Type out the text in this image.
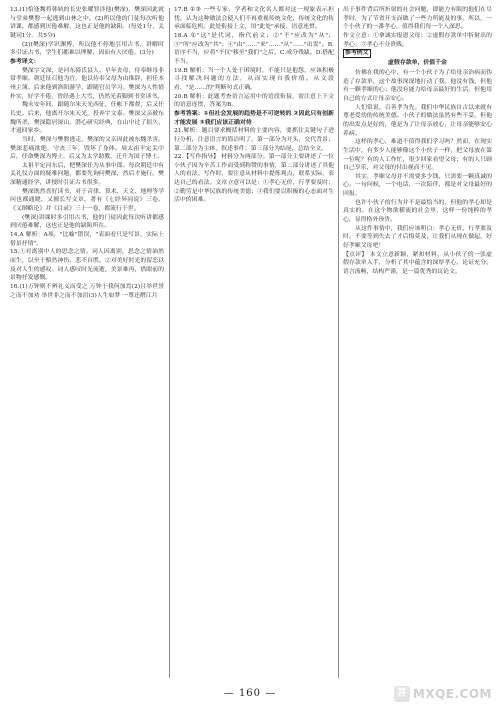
13.(1)恰逢魏将韩轨的长史张曜罪涉他(樊深)，樊深因此就与堂弟樊磐一起逃到山林之中。(2)所以他的门徒每次听他讲课，都感到厌倦难解，这也正是他的缺陷。(每处1分，关键词1分。共5分)

(2)(樊深)学识渊博，所以他不停地引用古书，讲解时多引证古书，学生们都难以理解，因而有人厌倦。(3分)

参考译文：

樊深字文深，是河东猗氏县人。早年丧母，侍奉继母非常孝顺。朝廷征召他为官，他以侍奉父母为由推辞，担任本州主簿。后来他到洛阳游学，跟随官员学习。樊深为人性情朴实，好学不倦，曾经遇上大雪，仍然光着脚到书堂读书。

魏永安年间，跟随尔朱天光西征，任帐下都督，后又任长史。后来，他离开尔朱天光，投奔宇文泰。樊深父亲被东魏所杀，樊深隐居深山，潜心研究经典，在山中过了很久，才返回家乡。

当时，樊深与樊磐逃走，樊深的父亲因此被东魏杀害。樊深悲痛欲绝，守丧三年，毁坏了身体。周太祖平定关中后，任命樊深为博士，后又为太学助教，迁升为国子博士。

太祖平定河东后，把樊深任为从事中郎。每次朝廷中有关礼仪方面的疑难问题，都要先询问樊深，然后才施行。樊深精通经学，讲授时引证古书很多。

樊深既然喜好读书，对于音律、算术、天文、地理等学问也都通晓，又擅长写文章，著有《七经异同说》三卷、《义纲略论》并《目录》三十一卷，都流行于世。

(樊深)讲课时多引用古书，他的门徒因此每次听讲都感到厌倦难解，这也正是他的缺陷所在。

14.A 解析：A项，"比喻"错误，"表面看只是写景，实际上借景抒情"。

15.①对离别中人的思念之情。词人因离别，思念之情油然而生，以至于黯然神伤、悲不自胜。②对美好时光的留恋以及对人生的感叹。词人感叹时光流逝，美景难再，借眼前的景物抒发感慨。

16.(1)万钟则不辨礼义而受之 万钟于我何加焉(2)且举世誉之而不加劝 举世非之而不加沮(3)人生如梦 一尊还酹江月

17.B ①③ 一些专家、学者和文化名人都对这一现象表示担忧，认为这种做法会使人们不再重视传统文化，传统文化的传承面临危机。此处衔接上文，用"此处"承接，语意连贯。

18.A ①"这"是代词，指代前文；②"不"应改为"从"；③"所"应改为"其"；④"由"……"来"……"从"……"出发"。B.语序不当，应将"不仅"移至"我们"之后。C.成分残缺。D.搭配不当。

19.B 解析：当一个人处于困境时，不能只是抱怨，应该积极寻找解决问题的方法，从而实现自我价值。从文段看，"是……的"判断句式正确。

20.B 解析：此题考查语言运用中的语段衔接，需注意上下文的语意连贯，答案为B。

参考答案：①但社会发展的趋势是不可逆转的 ②因此只有创新才能发展 ③我们应该正确对待

21.解析：题目要求概括材料的主要内容，要抓住关键句子进行分析，注意语言的简洁明了。第一部分为开头，交代背景；第二部分为主体，叙述事件；第三部分为结尾，总结全文。

22.【写作指导】 材料分为两部分。第一部分主要讲述了一位小伙子因为辛苦工作而受到称赞的事情，第二部分讲述了其他人的看法。写作时，要注意从材料中提炼观点，联系实际，表达自己的看法。文章立意可以是：①孝心无价，行孝要及时；②勤劳是中华民族的传统美德；③我们要以积极的心态面对生活中的困难。

出于事件背后所折射的社会问题，即能力有限的他们在尽孝时，为了节省开支而做了一些力所能及的事。所以，一个小伙子的一番孝心，值得我们每一个人深思。

作文立意：①拿诚实报恩父母；②虚假存款单中折射出的孝心；③孝心不分贵贱。

参考例文

虚假存款单，价值千金

仿佛在我的心中，有一个小伙子为了给母亲治病而伪造了存款单，这个故事深深地打动了我。他没有钱，但他有一颗孝顺的心；他没有能力给母亲最好的生活，但他用自己的方式让母亲安心。

人们常说，百善孝为先。我们中华民族自古以来就有尊老爱幼的传统美德。小伙子的做法虽然有些不妥，但他的出发点是好的，他是为了让母亲放心，让母亲能够安心养病。

这样的孝心，难道不值得我们学习吗？然而，在现实生活中，有多少人能够像这个小伙子一样，把父母放在第一位呢？有的人工作忙，很少回家看望父母；有的人只顾自己享乐，对父母的付出视而不见。

其实，孝顺父母并不需要多少钱，只需要一颗真诚的心。一句问候，一个电话，一次陪伴，都是对父母最好的回报。

也许小伙子的行为并不是最恰当的，但他的孝心却是真实的。在这个物欲横流的社会里，这样一份纯粹的孝心，显得格外珍贵。

从这件事情中，我们应该明白：孝心无价，行孝要及时。不要等到失去了才后悔莫及，让我们从现在做起，好好孝顺父母吧！

【点评】 本文立意新颖，紧扣材料，从小伙子的一张虚假存款单入手，分析了其中蕴含的深厚孝心，论证充分，语言流畅，结构严谨，是一篇优秀的议论文。

— 160 —	答 MXQE.COM
